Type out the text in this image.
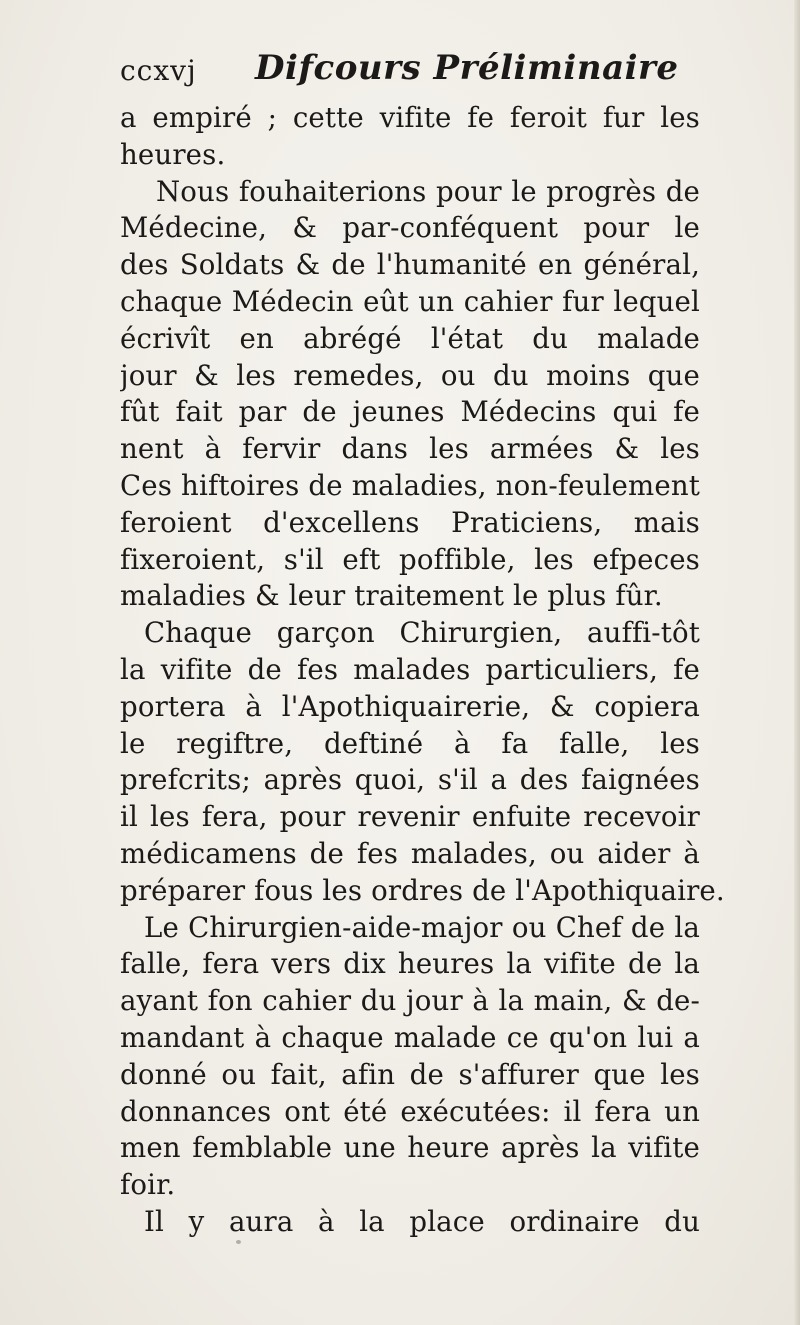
ccxvj Difcours Préliminaire
a empiré ; cette vifite fe feroit fur les
heures.
Nous fouhaiterions pour le progrès de
Médecine, & par-conféquent pour le
des Soldats & de l'humanité en général,
chaque Médecin eût un cahier fur lequel
écrivît en abrégé l'état du malade
jour & les remedes, ou du moins que
fût fait par de jeunes Médecins qui fe
nent à fervir dans les armées & les
Ces hiftoires de maladies, non-feulement
feroient d'excellens Praticiens, mais
fixeroient, s'il eft poffible, les efpeces
maladies & leur traitement le plus fûr.
Chaque garçon Chirurgien, auffi-tôt
la vifite de fes malades particuliers, fe
portera à l'Apothiquairerie, & copiera
le regiftre, deftiné à fa falle, les
prefcrits; après quoi, s'il a des faignées
il les fera, pour revenir enfuite recevoir
médicamens de fes malades, ou aider à
préparer fous les ordres de l'Apothiquaire.
Le Chirurgien-aide-major ou Chef de la
falle, fera vers dix heures la vifite de la
ayant fon cahier du jour à la main, & de-
mandant à chaque malade ce qu'on lui a
donné ou fait, afin de s'affurer que les
donnances ont été exécutées: il fera un
men femblable une heure après la vifite
foir.
Il y aura à la place ordinaire du
